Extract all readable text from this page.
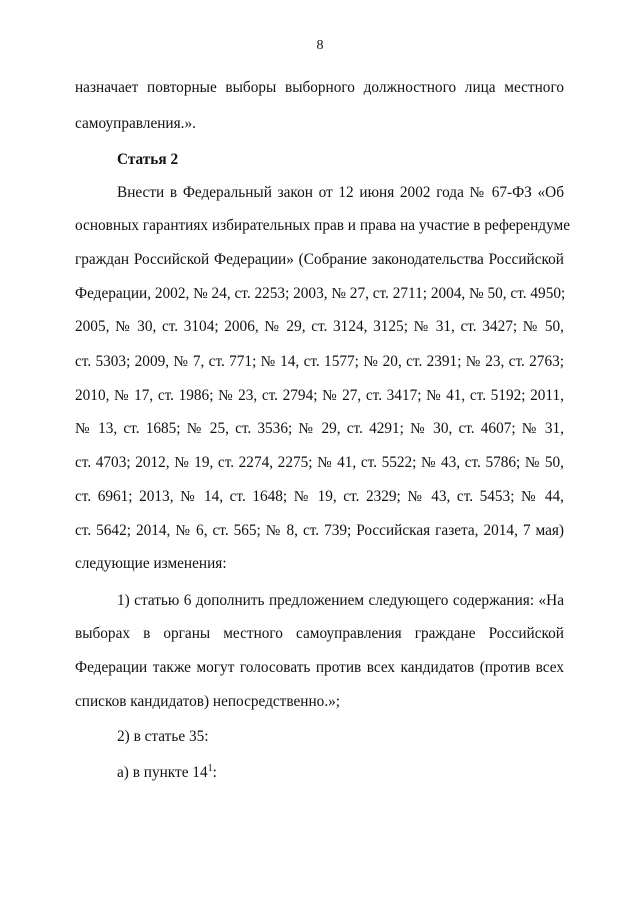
8
назначает повторные выборы выборного должностного лица местного
самоуправления.».
Статья 2
Внести в Федеральный закон от 12 июня 2002 года № 67-ФЗ «Об
основных гарантиях избирательных прав и права на участие в референдуме
граждан Российской Федерации» (Собрание законодательства Российской
Федерации, 2002, № 24, ст. 2253; 2003, № 27, ст. 2711; 2004, № 50, ст. 4950;
2005, № 30, ст. 3104; 2006, № 29, ст. 3124, 3125; № 31, ст. 3427; № 50,
ст. 5303; 2009, № 7, ст. 771; № 14, ст. 1577; № 20, ст. 2391; № 23, ст. 2763;
2010, № 17, ст. 1986; № 23, ст. 2794; № 27, ст. 3417; № 41, ст. 5192; 2011,
№ 13, ст. 1685; № 25, ст. 3536; № 29, ст. 4291; № 30, ст. 4607; № 31,
ст. 4703; 2012, № 19, ст. 2274, 2275; № 41, ст. 5522; № 43, ст. 5786; № 50,
ст. 6961; 2013, № 14, ст. 1648; № 19, ст. 2329; № 43, ст. 5453; № 44,
ст. 5642; 2014, № 6, ст. 565; № 8, ст. 739; Российская газета, 2014, 7 мая)
следующие изменения:
1) статью 6 дополнить предложением следующего содержания: «На
выборах в органы местного самоуправления граждане Российской
Федерации также могут голосовать против всех кандидатов (против всех
списков кандидатов) непосредственно.»;
2) в статье 35:
а) в пункте $14^1$:
